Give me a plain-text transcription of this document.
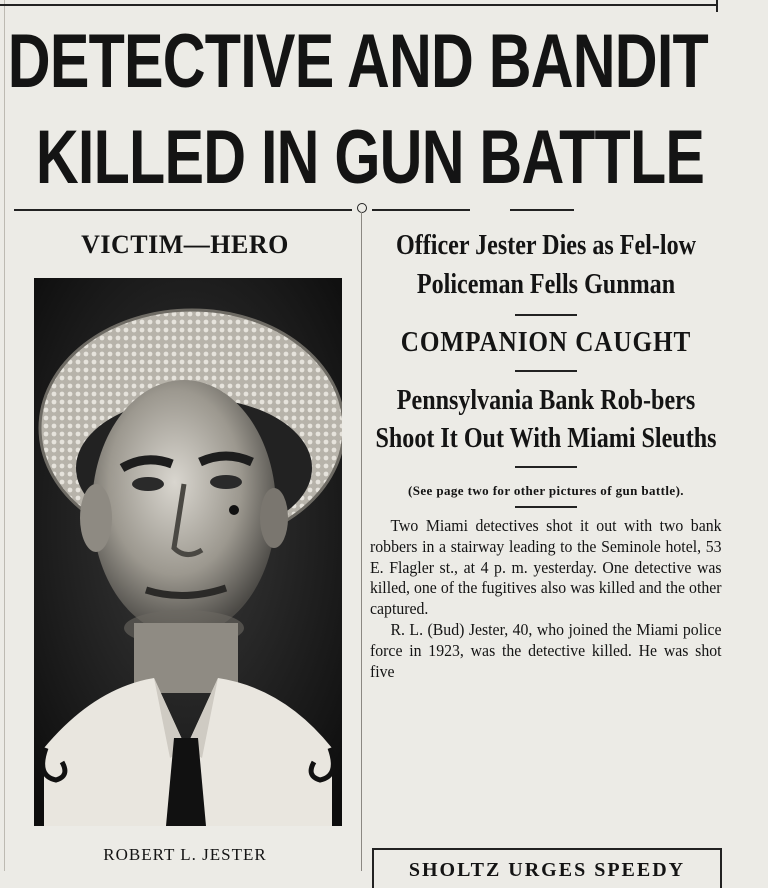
DETECTIVE AND BANDIT
KILLED IN GUN BATTLE
VICTIM—HERO
ROBERT L. JESTER
Officer Jester Dies as Fel-low Policeman Fells Gunman
COMPANION CAUGHT
Pennsylvania Bank Rob-bers Shoot It Out With Miami Sleuths
(See page two for other pictures of gun battle).

Two Miami detectives shot it out with two bank robbers in a stairway leading to the Seminole hotel, 53 E. Flagler st., at 4 p. m. yesterday. One detective was killed, one of the fugitives also was killed and the other captured.

R. L. (Bud) Jester, 40, who joined the Miami police force in 1923, was the detective killed. He was shot five

SHOLTZ URGES SPEEDY
